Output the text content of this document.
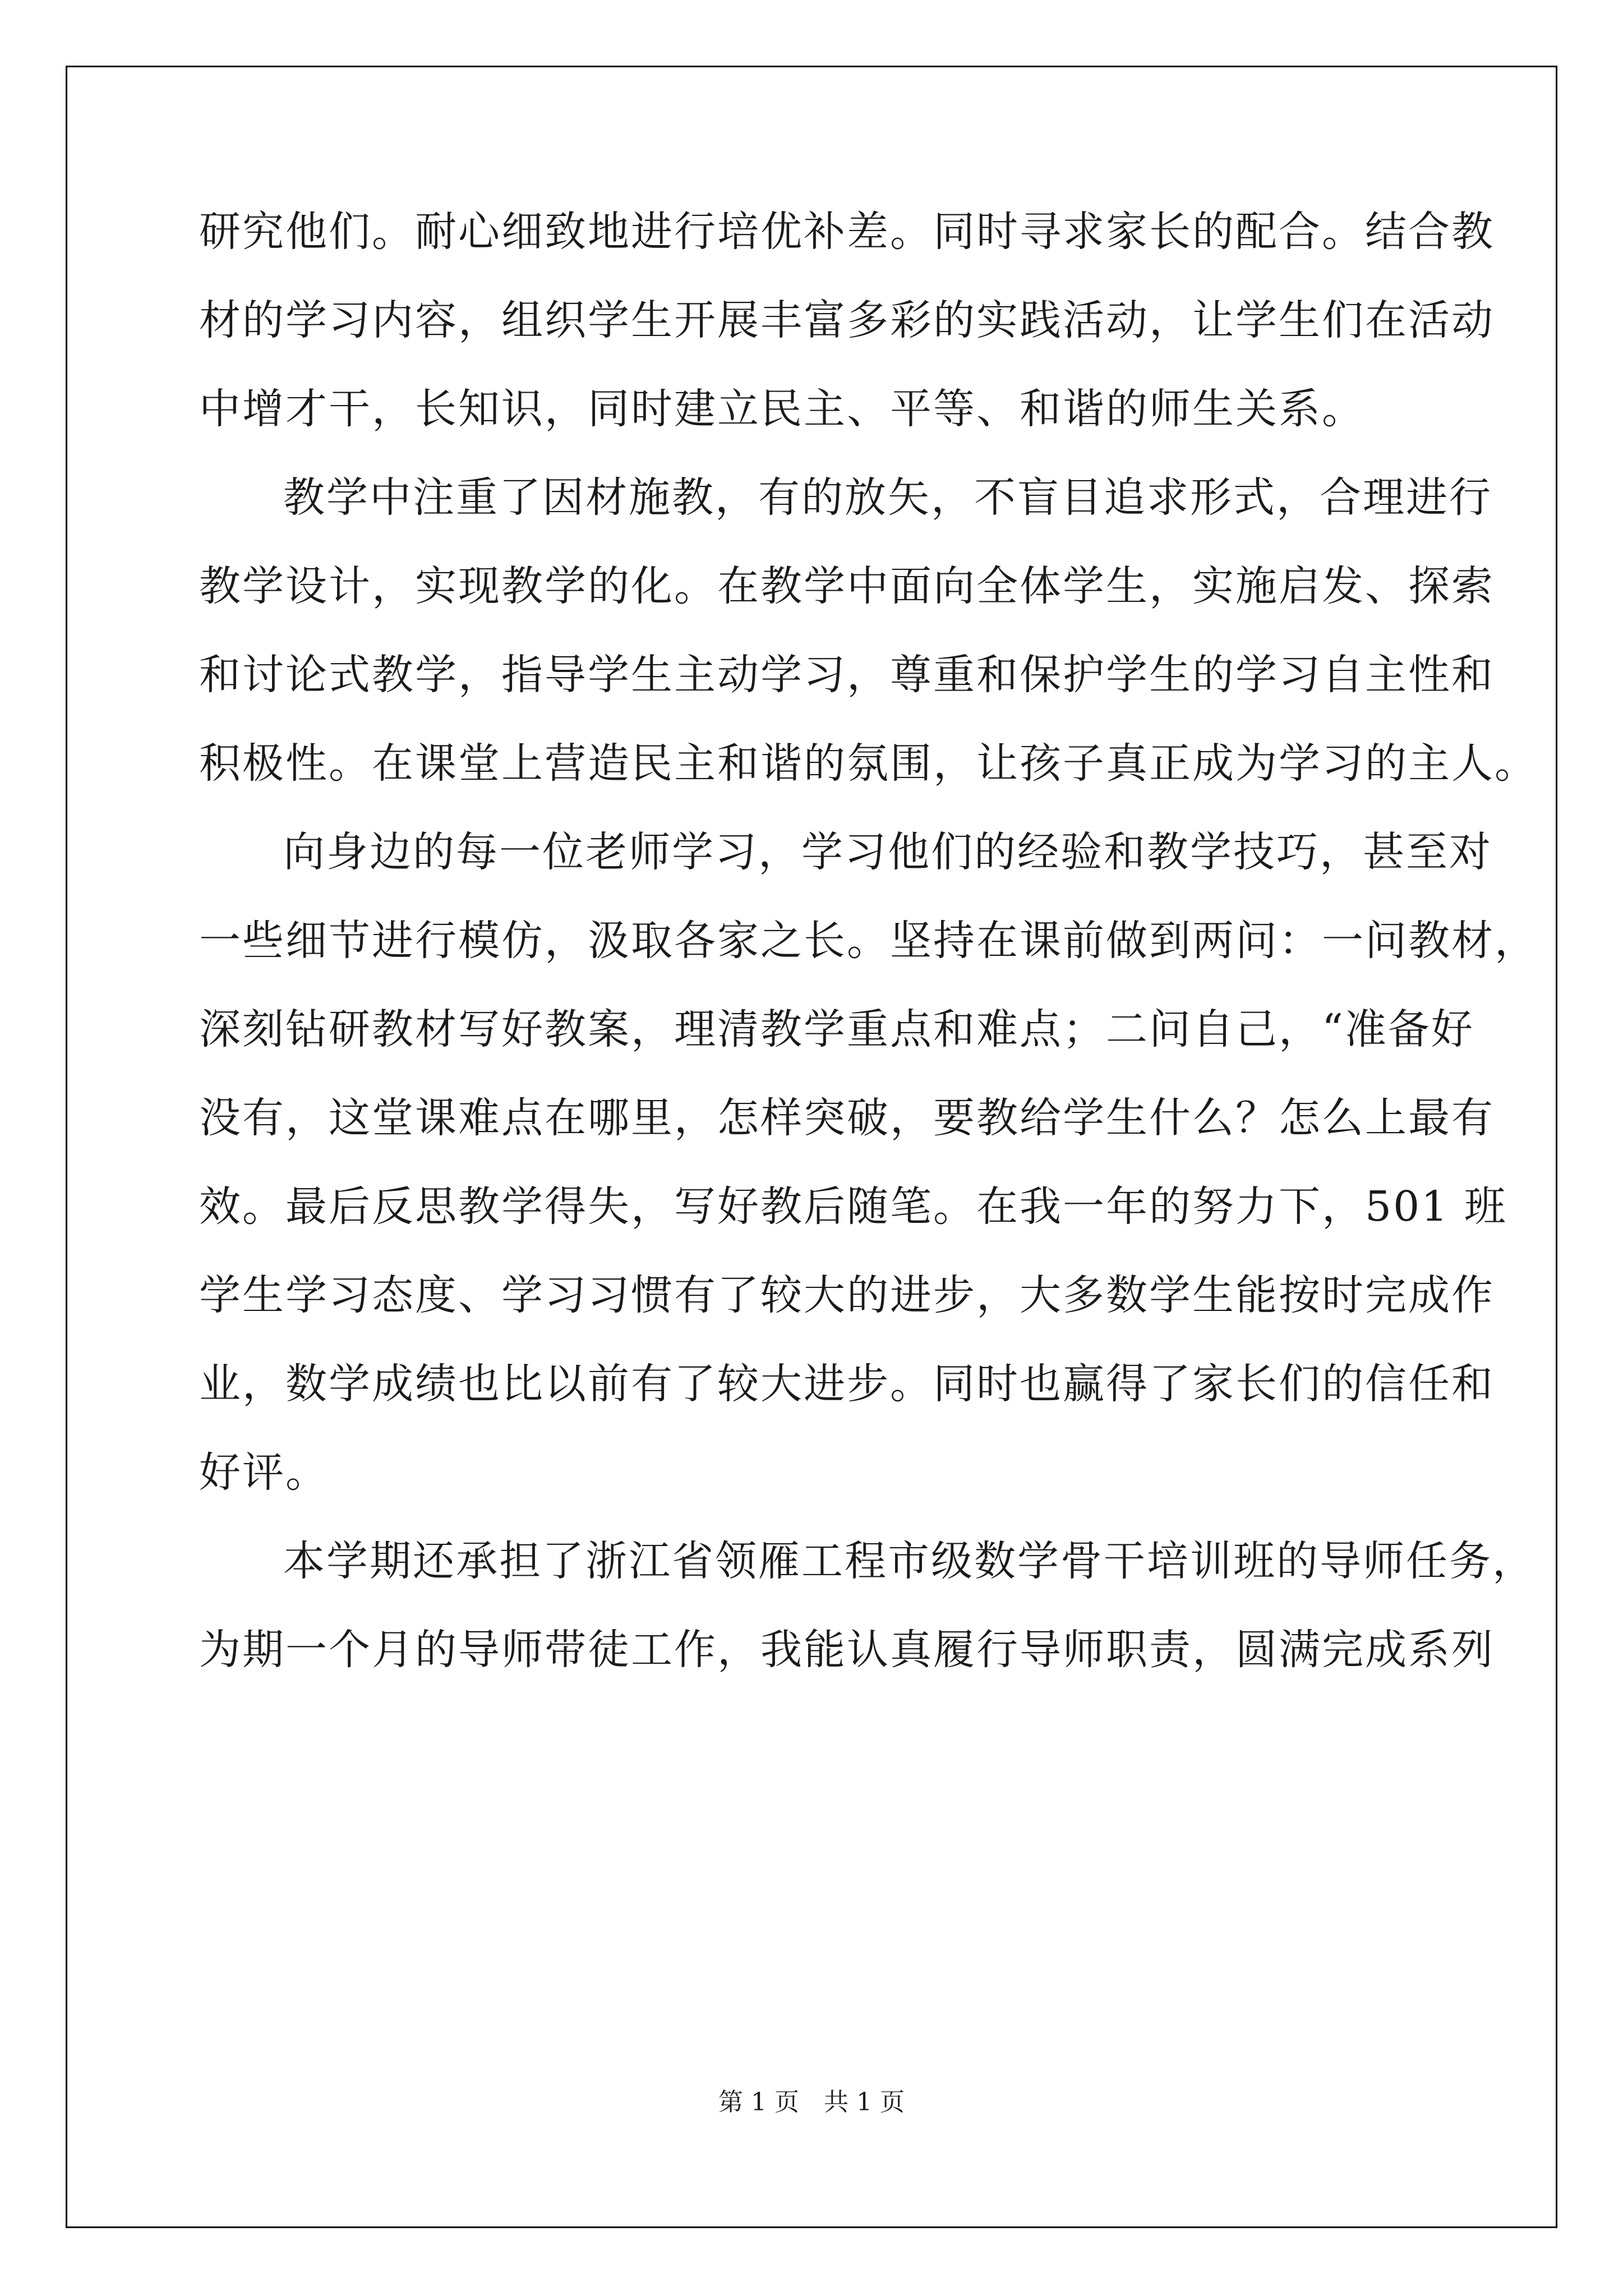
研究他们。耐心细致地进行培优补差。同时寻求家长的配合。结合教
材的学习内容，组织学生开展丰富多彩的实践活动，让学生们在活动
中增才干，长知识，同时建立民主、平等、和谐的师生关系。
教学中注重了因材施教，有的放矢，不盲目追求形式，合理进行
教学设计，实现教学的化。在教学中面向全体学生，实施启发、探索
和讨论式教学，指导学生主动学习，尊重和保护学生的学习自主性和
积极性。在课堂上营造民主和谐的氛围，让孩子真正成为学习的主人。
向身边的每一位老师学习，学习他们的经验和教学技巧，甚至对
一些细节进行模仿，汲取各家之长。坚持在课前做到两问：一问教材，
深刻钻研教材写好教案，理清教学重点和难点；二问自己，“准备好
没有，这堂课难点在哪里，怎样突破，要教给学生什么？怎么上最有
效。最后反思教学得失，写好教后随笔。在我一年的努力下，501 班
学生学习态度、学习习惯有了较大的进步，大多数学生能按时完成作
业，数学成绩也比以前有了较大进步。同时也赢得了家长们的信任和
好评。
本学期还承担了浙江省领雁工程市级数学骨干培训班的导师任务，
为期一个月的导师带徒工作，我能认真履行导师职责，圆满完成系列
第 1 页　共 1 页
